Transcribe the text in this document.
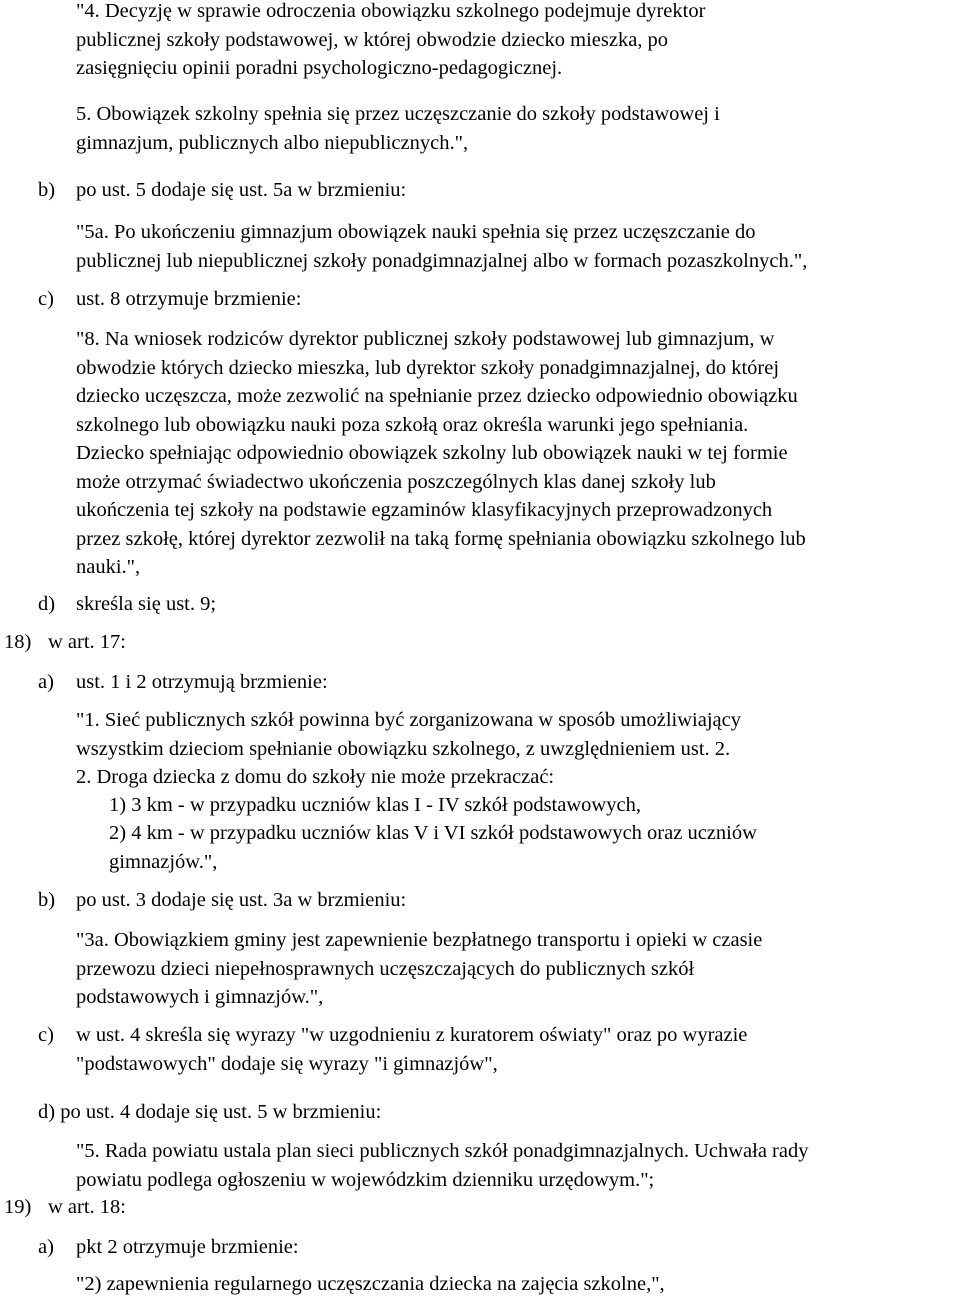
"4. Decyzję w sprawie odroczenia obowiązku szkolnego podejmuje dyrektor
publicznej szkoły podstawowej, w której obwodzie dziecko mieszka, po
zasięgnięciu opinii poradni psychologiczno-pedagogicznej.

5. Obowiązek szkolny spełnia się przez uczęszczanie do szkoły podstawowej i
gimnazjum, publicznych albo niepublicznych.",

b) po ust. 5 dodaje się ust. 5a w brzmieniu:

"5a. Po ukończeniu gimnazjum obowiązek nauki spełnia się przez uczęszczanie do
publicznej lub niepublicznej szkoły ponadgimnazjalnej albo w formach pozaszkolnych.",

c) ust. 8 otrzymuje brzmienie:

"8. Na wniosek rodziców dyrektor publicznej szkoły podstawowej lub gimnazjum, w
obwodzie których dziecko mieszka, lub dyrektor szkoły ponadgimnazjalnej, do której
dziecko uczęszcza, może zezwolić na spełnianie przez dziecko odpowiednio obowiązku
szkolnego lub obowiązku nauki poza szkołą oraz określa warunki jego spełniania.
Dziecko spełniając odpowiednio obowiązek szkolny lub obowiązek nauki w tej formie
może otrzymać świadectwo ukończenia poszczególnych klas danej szkoły lub
ukończenia tej szkoły na podstawie egzaminów klasyfikacyjnych przeprowadzonych
przez szkołę, której dyrektor zezwolił na taką formę spełniania obowiązku szkolnego lub
nauki.",

d) skreśla się ust. 9;
18) w art. 17:
a) ust. 1 i 2 otrzymują brzmienie:

"1. Sieć publicznych szkół powinna być zorganizowana w sposób umożliwiający
wszystkim dzieciom spełnianie obowiązku szkolnego, z uwzględnieniem ust. 2.

2. Droga dziecka z domu do szkoły nie może przekraczać:
1) 3 km - w przypadku uczniów klas I - IV szkół podstawowych,

2) 4 km - w przypadku uczniów klas V i VI szkół podstawowych oraz uczniów
gimnazjów.",

b) po ust. 3 dodaje się ust. 3a w brzmieniu:

"3a. Obowiązkiem gminy jest zapewnienie bezpłatnego transportu i opieki w czasie
przewozu dzieci niepełnosprawnych uczęszczających do publicznych szkół
podstawowych i gimnazjów.",

c) w ust. 4 skreśla się wyrazy "w uzgodnieniu z kuratorem oświaty" oraz po wyrazie
"podstawowych" dodaje się wyrazy "i gimnazjów",

d) po ust. 4 dodaje się ust. 5 w brzmieniu:

"5. Rada powiatu ustala plan sieci publicznych szkół ponadgimnazjalnych. Uchwała rady
powiatu podlega ogłoszeniu w wojewódzkim dzienniku urzędowym.";

19) w art. 18:
a) pkt 2 otrzymuje brzmienie:
"2) zapewnienia regularnego uczęszczania dziecka na zajęcia szkolne,",
